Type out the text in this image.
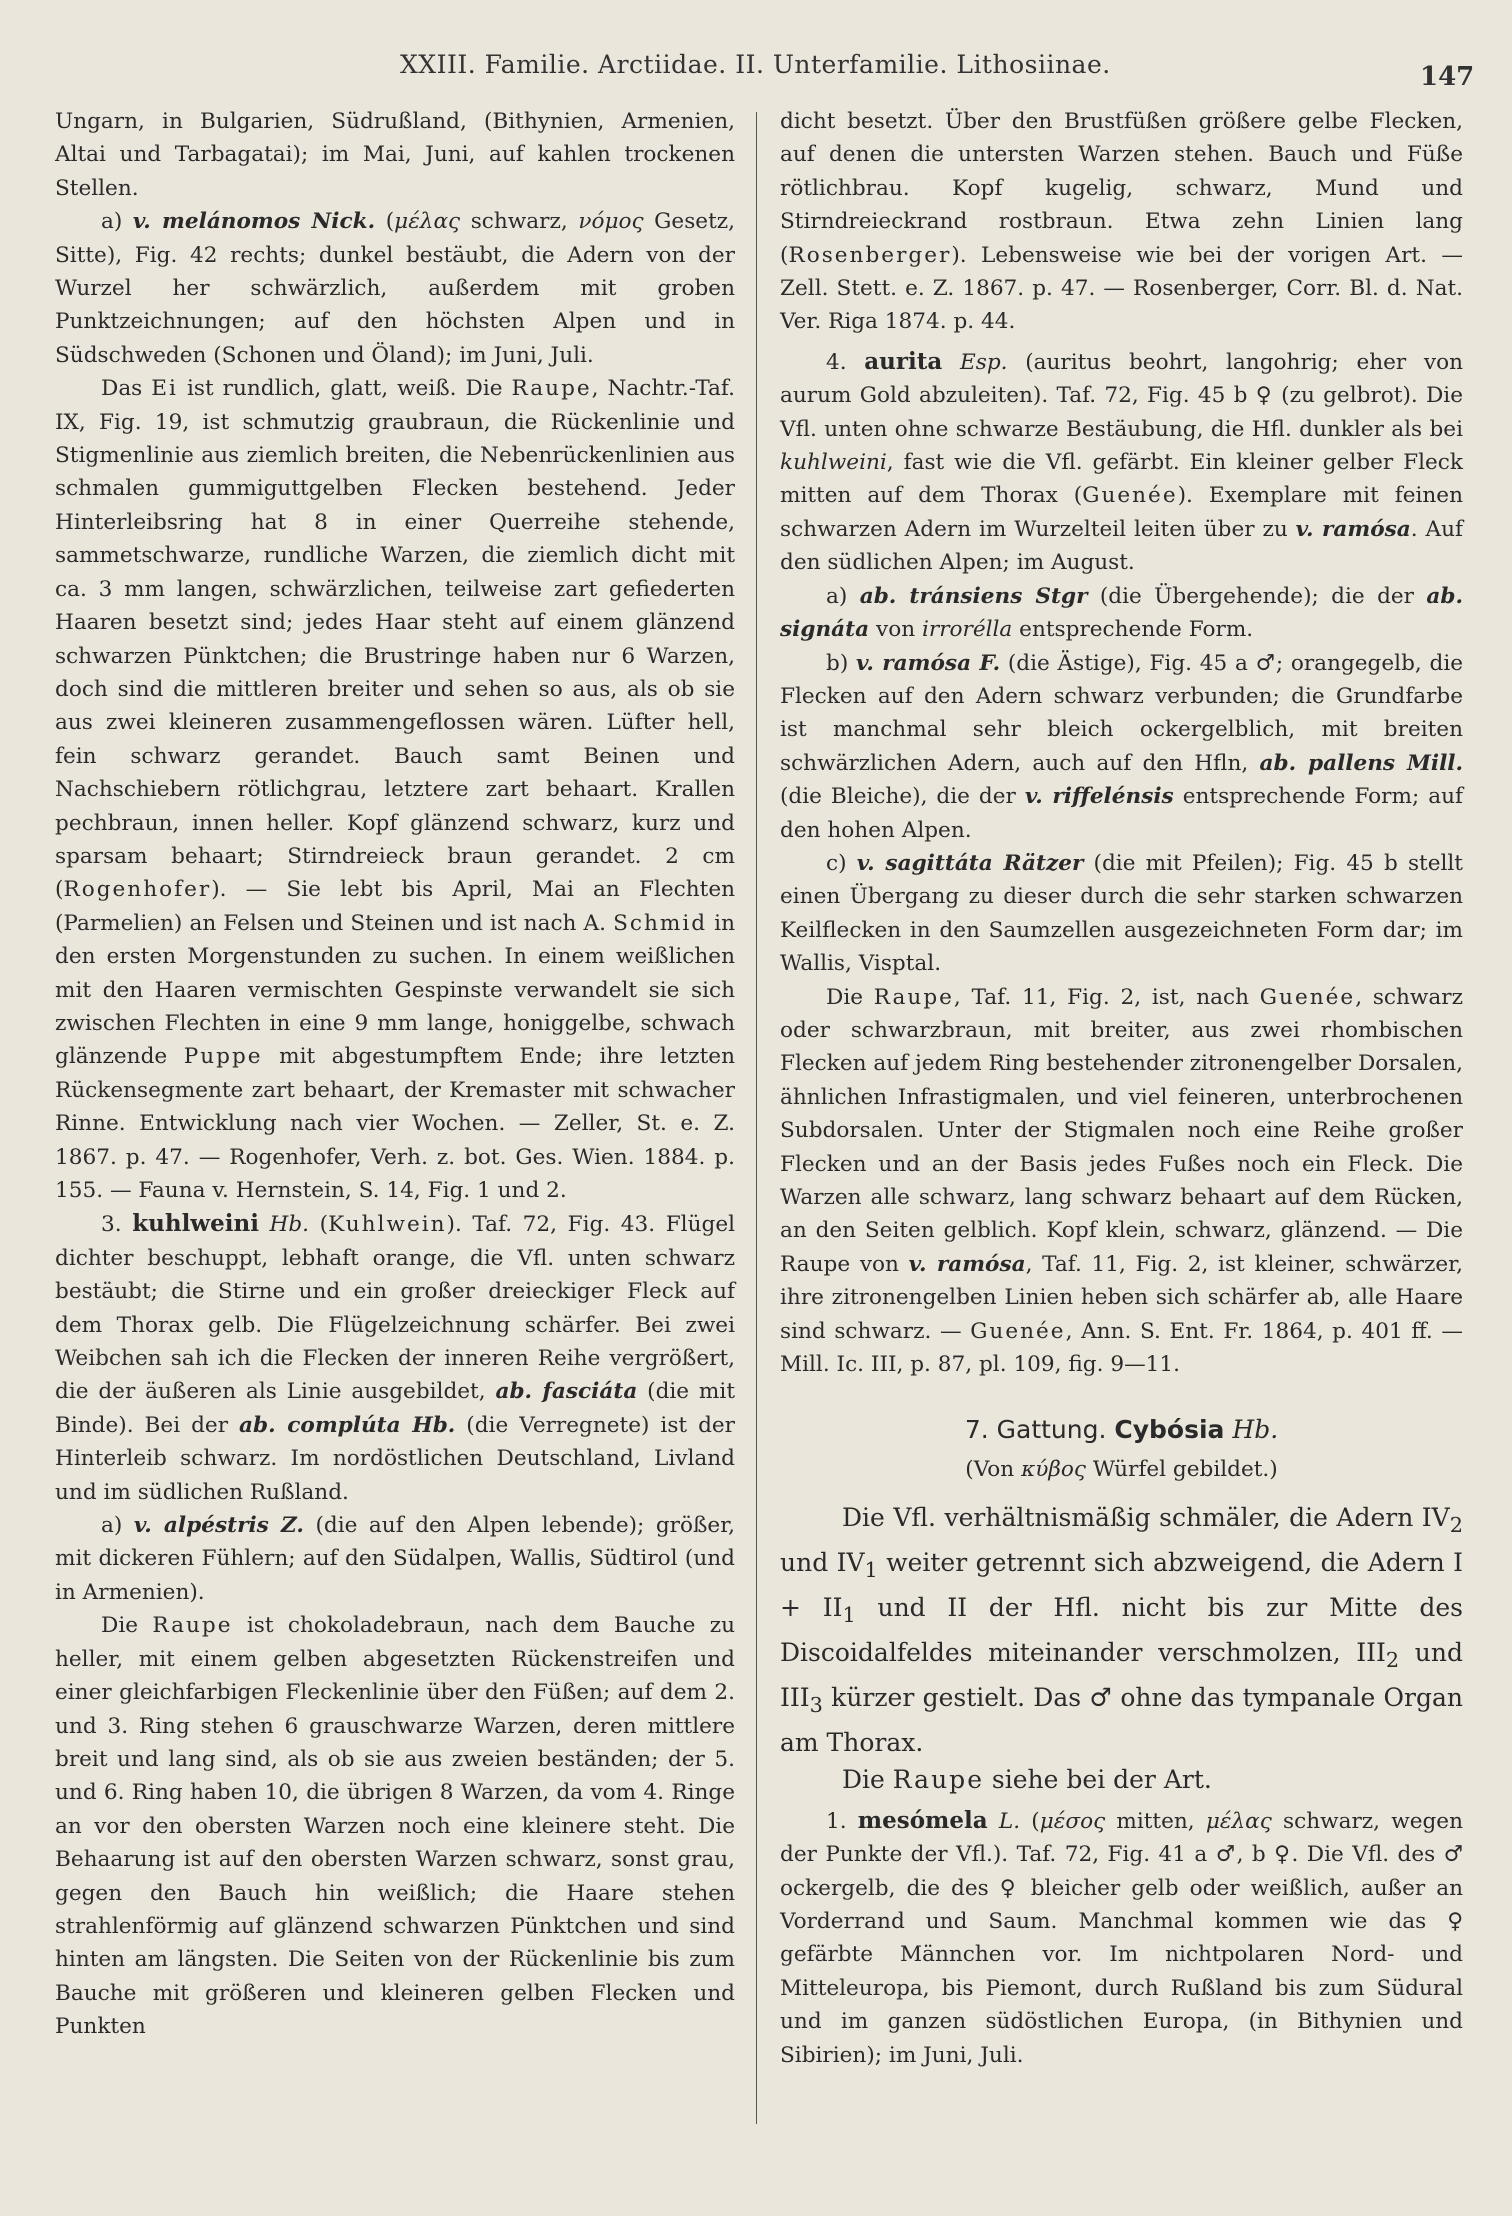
XXIII. Familie. Arctiidae. II. Unterfamilie. Lithosiinae.	147

Ungarn, in Bulgarien, Südrußland, (Bithynien, Armenien, Altai und Tarbagatai); im Mai, Juni, auf kahlen trockenen Stellen.

a) v. melánomos Nick. (μέλας schwarz, νόμος Gesetz, Sitte), Fig. 42 rechts; dunkel bestäubt, die Adern von der Wurzel her schwärzlich, außerdem mit groben Punktzeichnungen; auf den höchsten Alpen und in Südschweden (Schonen und Öland); im Juni, Juli.

Das Ei ist rundlich, glatt, weiß. Die Raupe, Nachtr.-Taf. IX, Fig. 19, ist schmutzig graubraun, die Rückenlinie und Stigmenlinie aus ziemlich breiten, die Nebenrückenlinien aus schmalen gummiguttgelben Flecken bestehend. Jeder Hinterleibsring hat 8 in einer Querreihe stehende, sammetschwarze, rundliche Warzen, die ziemlich dicht mit ca. 3 mm langen, schwärzlichen, teilweise zart gefiederten Haaren besetzt sind; jedes Haar steht auf einem glänzend schwarzen Pünktchen; die Brustringe haben nur 6 Warzen, doch sind die mittleren breiter und sehen so aus, als ob sie aus zwei kleineren zusammengeflossen wären. Lüfter hell, fein schwarz gerandet. Bauch samt Beinen und Nachschiebern rötlichgrau, letztere zart behaart. Krallen pechbraun, innen heller. Kopf glänzend schwarz, kurz und sparsam behaart; Stirndreieck braun gerandet. 2 cm (Rogenhofer). — Sie lebt bis April, Mai an Flechten (Parmelien) an Felsen und Steinen und ist nach A. Schmid in den ersten Morgenstunden zu suchen. In einem weißlichen mit den Haaren vermischten Gespinste verwandelt sie sich zwischen Flechten in eine 9 mm lange, honiggelbe, schwach glänzende Puppe mit abgestumpftem Ende; ihre letzten Rückensegmente zart behaart, der Kremaster mit schwacher Rinne. Entwicklung nach vier Wochen. — Zeller, St. e. Z. 1867. p. 47. — Rogenhofer, Verh. z. bot. Ges. Wien. 1884. p. 155. — Fauna v. Hernstein, S. 14, Fig. 1 und 2.

3. kuhlweini Hb. (Kuhlwein). Taf. 72, Fig. 43. Flügel dichter beschuppt, lebhaft orange, die Vfl. unten schwarz bestäubt; die Stirne und ein großer dreieckiger Fleck auf dem Thorax gelb. Die Flügelzeichnung schärfer. Bei zwei Weibchen sah ich die Flecken der inneren Reihe vergrößert, die der äußeren als Linie ausgebildet, ab. fasciáta (die mit Binde). Bei der ab. complúta Hb. (die Verregnete) ist der Hinterleib schwarz. Im nordöstlichen Deutschland, Livland und im südlichen Rußland.

a) v. alpéstris Z. (die auf den Alpen lebende); größer, mit dickeren Fühlern; auf den Südalpen, Wallis, Südtirol (und in Armenien).

Die Raupe ist chokoladebraun, nach dem Bauche zu heller, mit einem gelben abgesetzten Rückenstreifen und einer gleichfarbigen Fleckenlinie über den Füßen; auf dem 2. und 3. Ring stehen 6 grauschwarze Warzen, deren mittlere breit und lang sind, als ob sie aus zweien beständen; der 5. und 6. Ring haben 10, die übrigen 8 Warzen, da vom 4. Ringe an vor den obersten Warzen noch eine kleinere steht. Die Behaarung ist auf den obersten Warzen schwarz, sonst grau, gegen den Bauch hin weißlich; die Haare stehen strahlenförmig auf glänzend schwarzen Pünktchen und sind hinten am längsten. Die Seiten von der Rückenlinie bis zum Bauche mit größeren und kleineren gelben Flecken und Punkten

dicht besetzt. Über den Brustfüßen größere gelbe Flecken, auf denen die untersten Warzen stehen. Bauch und Füße rötlichbrau. Kopf kugelig, schwarz, Mund und Stirndreieckrand rostbraun. Etwa zehn Linien lang (Rosenberger). Lebensweise wie bei der vorigen Art. — Zell. Stett. e. Z. 1867. p. 47. — Rosenberger, Corr. Bl. d. Nat. Ver. Riga 1874. p. 44.

4. aurita Esp. (auritus beohrt, langohrig; eher von aurum Gold abzuleiten). Taf. 72, Fig. 45 b ♀ (zu gelbrot). Die Vfl. unten ohne schwarze Bestäubung, die Hfl. dunkler als bei kuhlweini, fast wie die Vfl. gefärbt. Ein kleiner gelber Fleck mitten auf dem Thorax (Guenée). Exemplare mit feinen schwarzen Adern im Wurzelteil leiten über zu v. ramósa. Auf den südlichen Alpen; im August.

a) ab. tránsiens Stgr (die Übergehende); die der ab. signáta von irrorélla entsprechende Form.

b) v. ramósa F. (die Ästige), Fig. 45 a ♂; orangegelb, die Flecken auf den Adern schwarz verbunden; die Grundfarbe ist manchmal sehr bleich ockergelblich, mit breiten schwärzlichen Adern, auch auf den Hfln, ab. pallens Mill. (die Bleiche), die der v. riffelénsis entsprechende Form; auf den hohen Alpen.

c) v. sagittáta Rätzer (die mit Pfeilen); Fig. 45 b stellt einen Übergang zu dieser durch die sehr starken schwarzen Keilflecken in den Saumzellen ausgezeichneten Form dar; im Wallis, Visptal.

Die Raupe, Taf. 11, Fig. 2, ist, nach Guenée, schwarz oder schwarzbraun, mit breiter, aus zwei rhombischen Flecken auf jedem Ring bestehender zitronengelber Dorsalen, ähnlichen Infrastigmalen, und viel feineren, unterbrochenen Subdorsalen. Unter der Stigmalen noch eine Reihe großer Flecken und an der Basis jedes Fußes noch ein Fleck. Die Warzen alle schwarz, lang schwarz behaart auf dem Rücken, an den Seiten gelblich. Kopf klein, schwarz, glänzend. — Die Raupe von v. ramósa, Taf. 11, Fig. 2, ist kleiner, schwärzer, ihre zitronengelben Linien heben sich schärfer ab, alle Haare sind schwarz. — Guenée, Ann. S. Ent. Fr. 1864, p. 401 ff. — Mill. Ic. III, p. 87, pl. 109, fig. 9—11.

7. Gattung. Cybósia Hb.
(Von κύβος Würfel gebildet.)

Die Vfl. verhältnismäßig schmäler, die Adern $IV_2$ und $IV_1$ weiter getrennt sich abzweigend, die Adern $I + II_1$ und II der Hfl. nicht bis zur Mitte des Discoidalfeldes miteinander verschmolzen, $III_2$ und $III_3$ kürzer gestielt. Das ♂ ohne das tympanale Organ am Thorax.

Die Raupe siehe bei der Art.

1. mesómela L. (μέσος mitten, μέλας schwarz, wegen der Punkte der Vfl.). Taf. 72, Fig. 41 a ♂, b ♀. Die Vfl. des ♂ ockergelb, die des ♀ bleicher gelb oder weißlich, außer an Vorderrand und Saum. Manchmal kommen wie das ♀ gefärbte Männchen vor. Im nichtpolaren Nord- und Mitteleuropa, bis Piemont, durch Rußland bis zum Südural und im ganzen südöstlichen Europa, (in Bithynien und Sibirien); im Juni, Juli.
